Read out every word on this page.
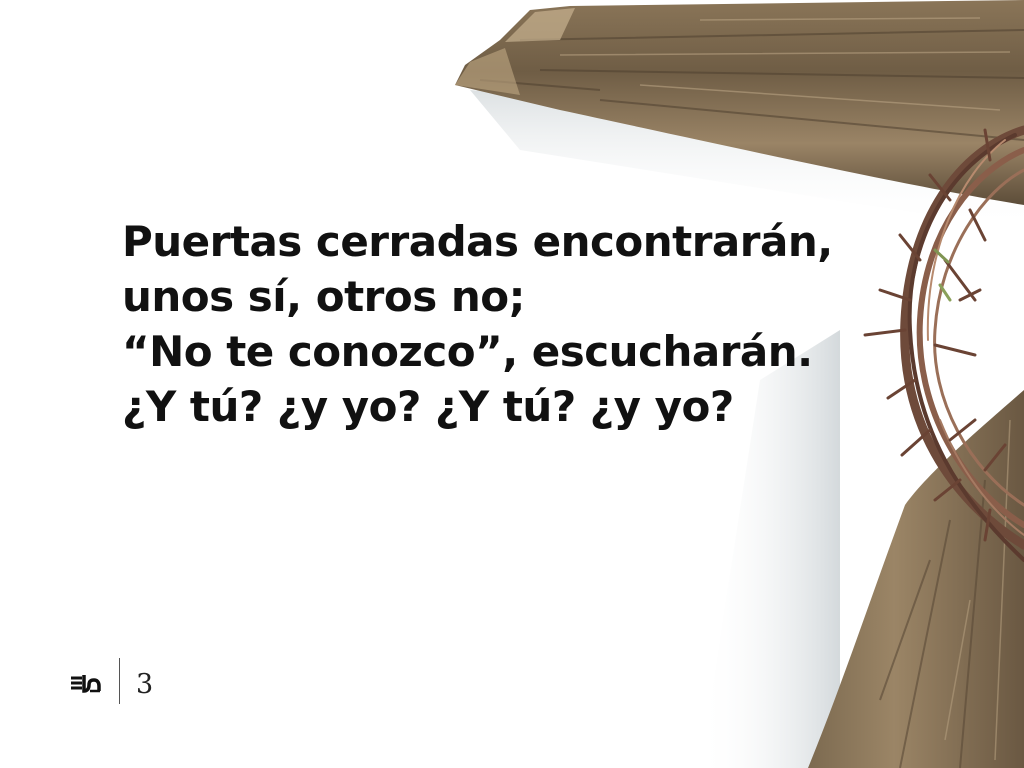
Puertas cerradas encontrarán,
unos sí, otros no;
“No te conozco”, escucharán.
¿Y tú? ¿y yo? ¿Y tú? ¿y yo?
3
